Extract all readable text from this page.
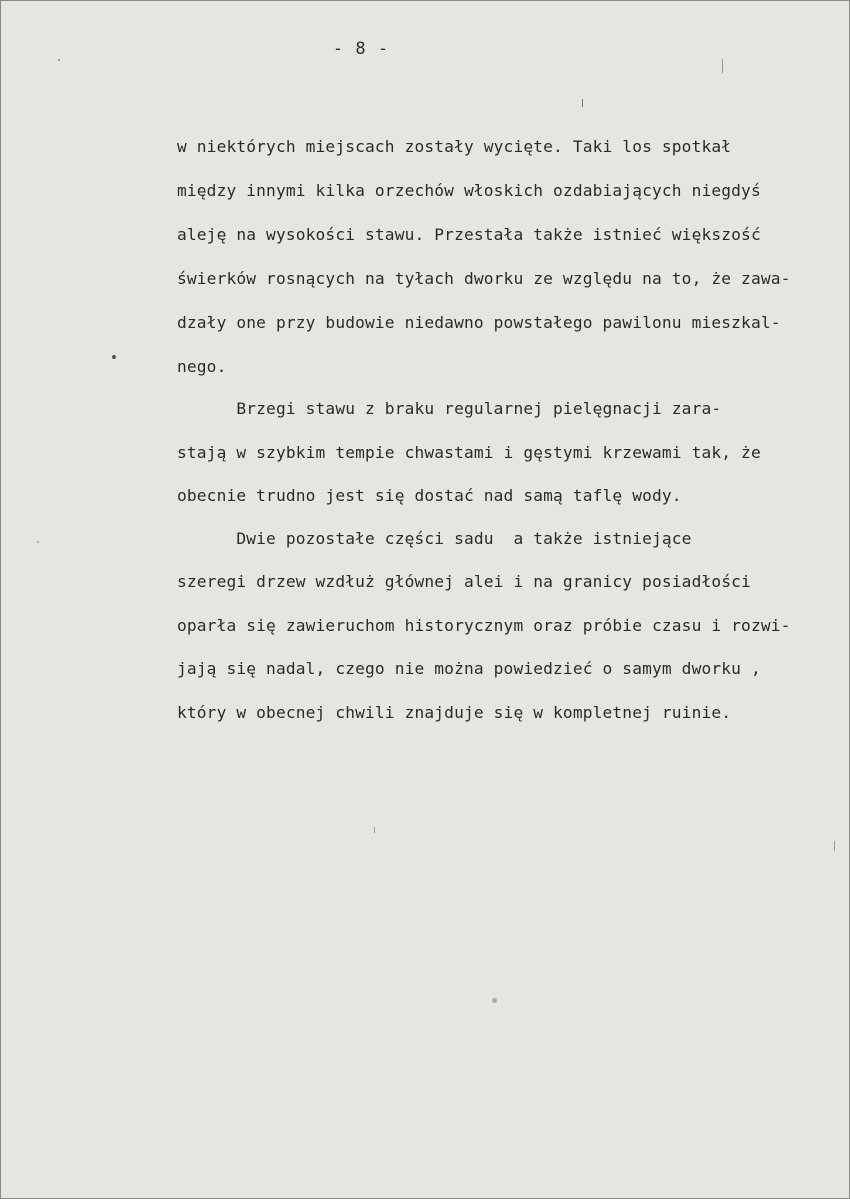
- 8 -
w niektórych miejscach zostały wycięte. Taki los spotkał
między innymi kilka orzechów włoskich ozdabiających niegdyś
aleję na wysokości stawu. Przestała także istnieć większość
świerków rosnących na tyłach dworku ze względu na to, że zawa-
dzały one przy budowie niedawno powstałego pawilonu mieszkal-
nego.
Brzegi stawu z braku regularnej pielęgnacji zara-
stają w szybkim tempie chwastami i gęstymi krzewami tak, że
obecnie trudno jest się dostać nad samą taflę wody.
Dwie pozostałe części sadu  a także istniejące
szeregi drzew wzdłuż głównej alei i na granicy posiadłości
oparła się zawieruchom historycznym oraz próbie czasu i rozwi-
jają się nadal, czego nie można powiedzieć o samym dworku ,
który w obecnej chwili znajduje się w kompletnej ruinie.
